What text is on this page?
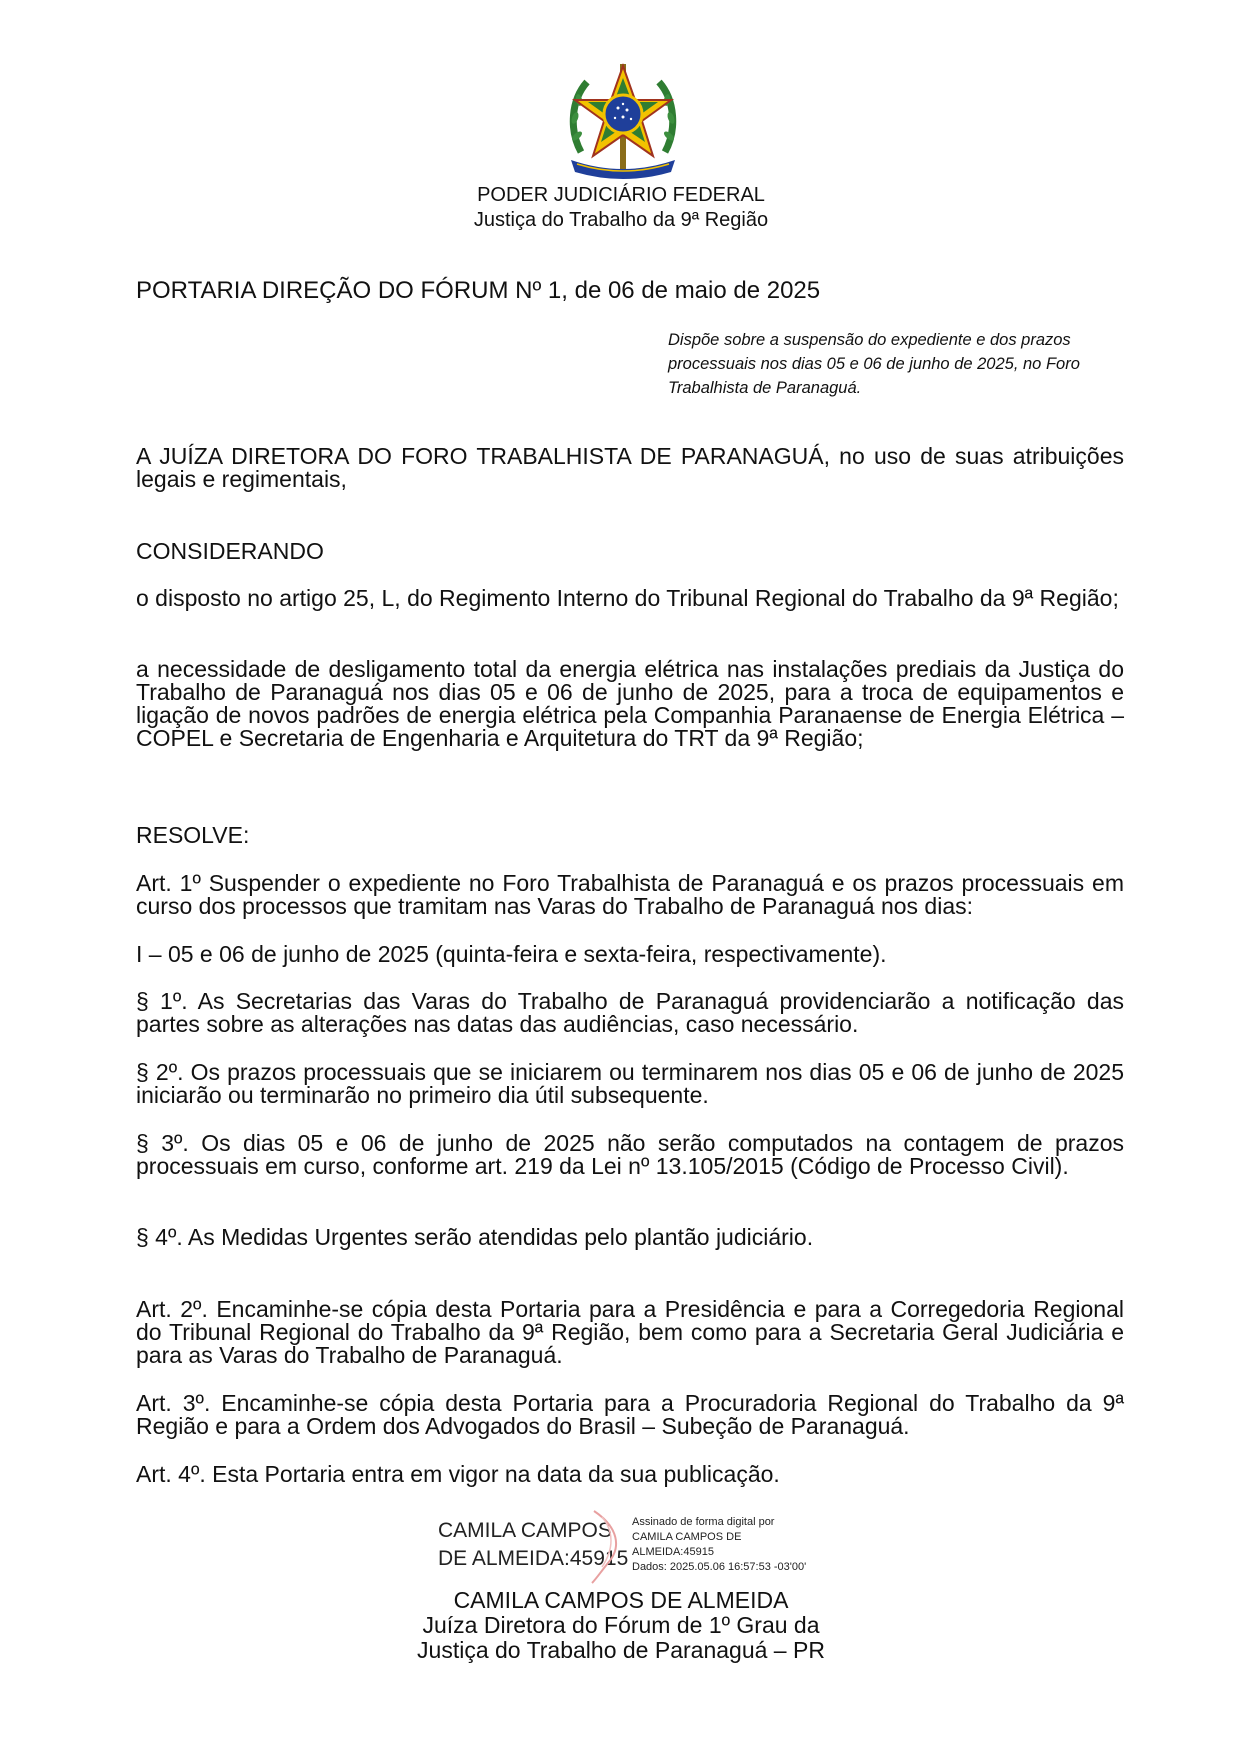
PODER JUDICIÁRIO FEDERAL
Justiça do Trabalho da 9ª Região
PORTARIA DIREÇÃO DO FÓRUM Nº 1, de 06 de maio de 2025
Dispõe sobre a suspensão do expediente e dos prazos processuais nos dias 05 e 06 de junho de 2025, no Foro Trabalhista de Paranaguá.

A JUÍZA DIRETORA DO FORO TRABALHISTA DE PARANAGUÁ, no uso de suas atribuições legais e regimentais,

CONSIDERANDO

o disposto no artigo 25, L, do Regimento Interno do Tribunal Regional do Trabalho da 9ª Região;

a necessidade de desligamento total da energia elétrica nas instalações prediais da Justiça do Trabalho de Paranaguá nos dias 05 e 06 de junho de 2025, para a troca de equipamentos e ligação de novos padrões de energia elétrica pela Companhia Paranaense de Energia Elétrica – COPEL e Secretaria de Engenharia e Arquitetura do TRT da 9ª Região;

RESOLVE:

Art. 1º Suspender o expediente no Foro Trabalhista de Paranaguá e os prazos processuais em curso dos processos que tramitam nas Varas do Trabalho de Paranaguá nos dias:

I – 05 e 06 de junho de 2025 (quinta-feira e sexta-feira, respectivamente).

§ 1º. As Secretarias das Varas do Trabalho de Paranaguá providenciarão a notificação das partes sobre as alterações nas datas das audiências, caso necessário.

§ 2º. Os prazos processuais que se iniciarem ou terminarem nos dias 05 e 06 de junho de 2025 iniciarão ou terminarão no primeiro dia útil subsequente.

§ 3º. Os dias 05 e 06 de junho de 2025 não serão computados na contagem de prazos processuais em curso, conforme art. 219 da Lei nº 13.105/2015 (Código de Processo Civil).

§ 4º. As Medidas Urgentes serão atendidas pelo plantão judiciário.

Art. 2º. Encaminhe-se cópia desta Portaria para a Presidência e para a Corregedoria Regional do Tribunal Regional do Trabalho da 9ª Região, bem como para a Secretaria Geral Judiciária e para as Varas do Trabalho de Paranaguá.

Art. 3º. Encaminhe-se cópia desta Portaria para a Procuradoria Regional do Trabalho da 9ª Região e para a Ordem dos Advogados do Brasil – Subeção de Paranaguá.

Art. 4º. Esta Portaria entra em vigor na data da sua publicação.

CAMILA CAMPOS
DE ALMEIDA:45915
Assinado de forma digital por
CAMILA CAMPOS DE
ALMEIDA:45915
Dados: 2025.05.06 16:57:53 -03'00'
CAMILA CAMPOS DE ALMEIDA
Juíza Diretora do Fórum de 1º Grau da
Justiça do Trabalho de Paranaguá – PR
